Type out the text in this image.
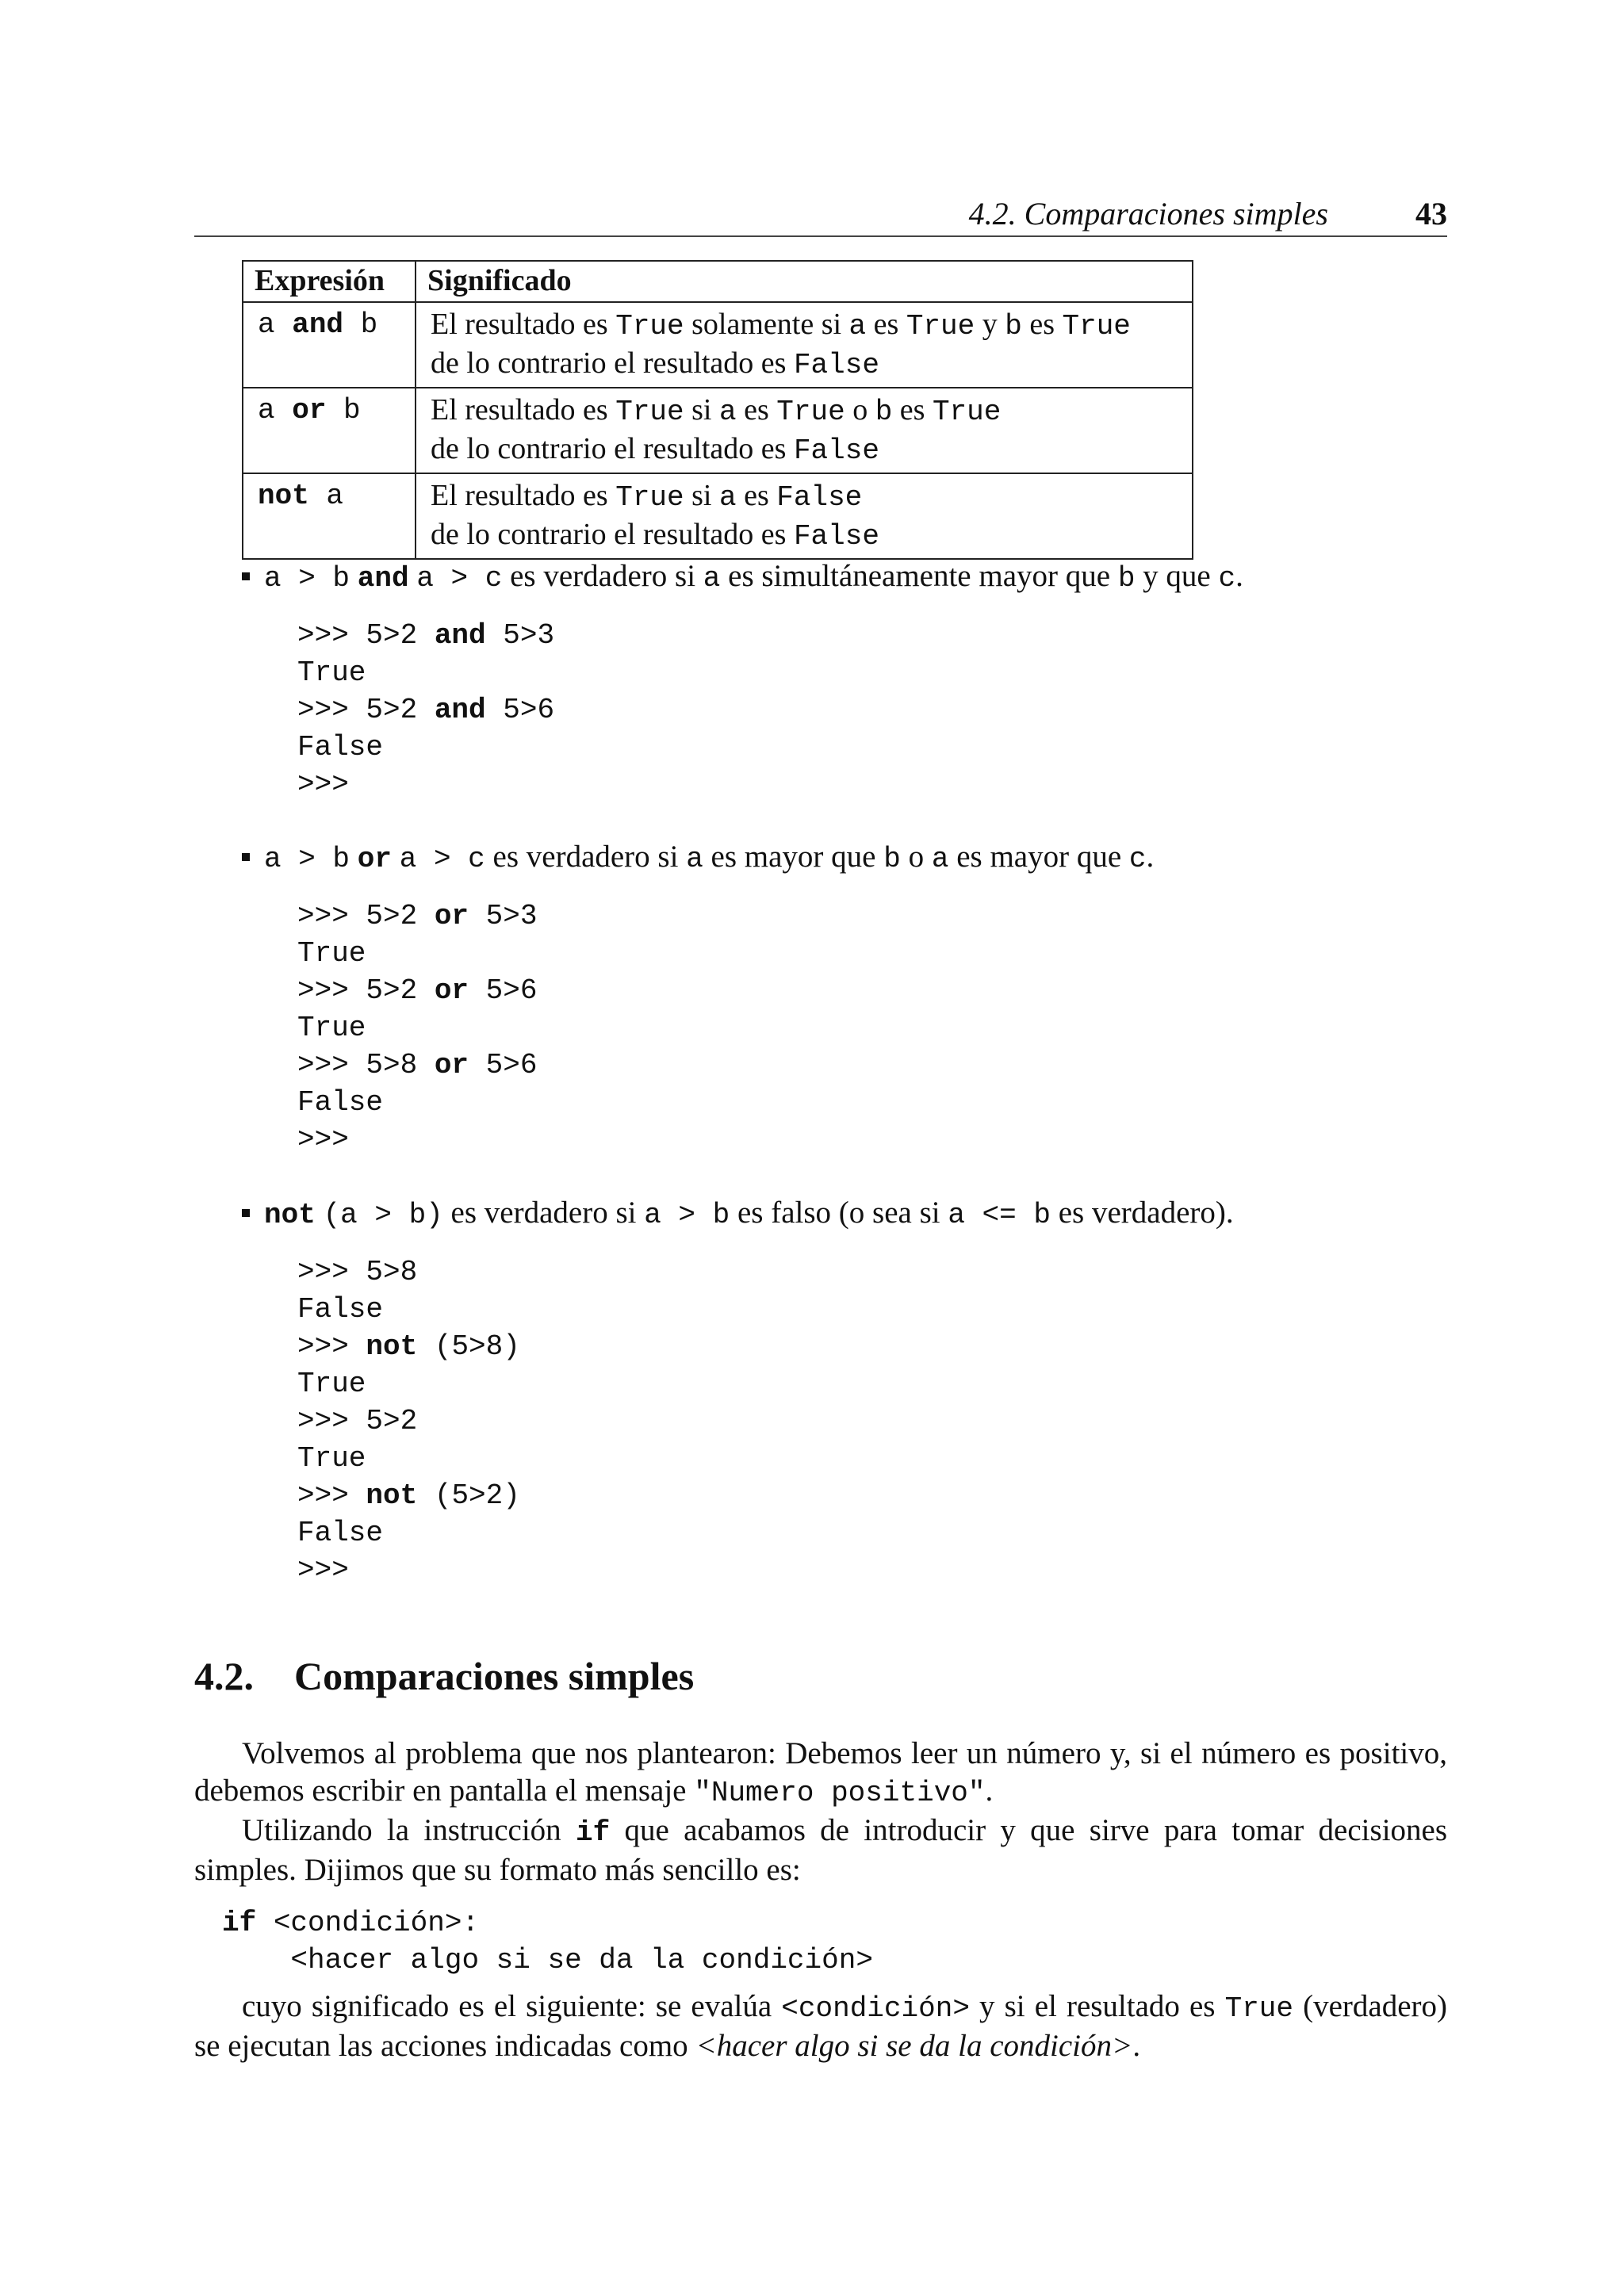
4.2. Comparaciones simples	43
Expresión	Significado
a and b	El resultado es True solamente si a es True y b es True
de lo contrario el resultado es False

a or b	El resultado es True si a es True o b es True
de lo contrario el resultado es False

not a	El resultado es True si a es False
de lo contrario el resultado es False
a > b and a > c es verdadero si a es simultáneamente mayor que b y que c.
>>> 5>2 and 5>3
True
>>> 5>2 and 5>6
False
>>>
a > b or a > c es verdadero si a es mayor que b o a es mayor que c.
>>> 5>2 or 5>3
True
>>> 5>2 or 5>6
True
>>> 5>8 or 5>6
False
>>>
not (a > b) es verdadero si a > b es falso (o sea si a <= b es verdadero).
>>> 5>8
False
>>> not (5>8)
True
>>> 5>2
True
>>> not (5>2)
False
>>>
4.2. Comparaciones simples

Volvemos al problema que nos plantearon: Debemos leer un número y, si el número es positivo, debemos escribir en pantalla el mensaje "Numero positivo".

Utilizando la instrucción if que acabamos de introducir y que sirve para tomar decisiones simples. Dijimos que su formato más sencillo es:

if <condición>:
<hacer algo si se da la condición>

cuyo significado es el siguiente: se evalúa <condición> y si el resultado es True (verdadero) se ejecutan las acciones indicadas como <hacer algo si se da la condición>.
